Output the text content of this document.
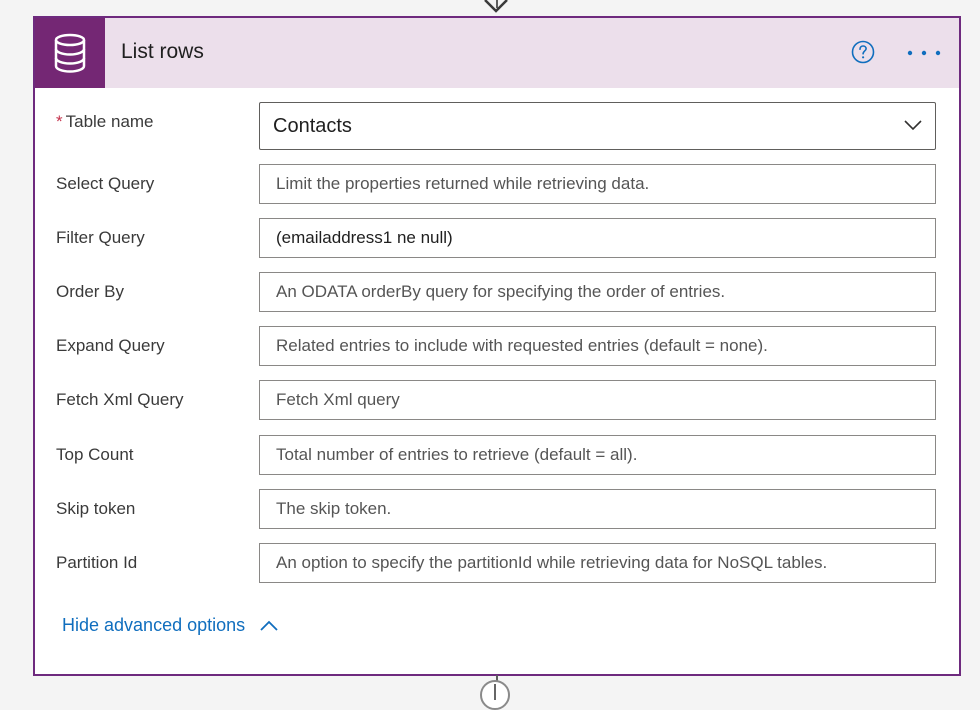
List rows
* Table name	Contacts
Select Query	Limit the properties returned while retrieving data.
Filter Query	(emailaddress1 ne null)
Order By	An ODATA orderBy query for specifying the order of entries.
Expand Query	Related entries to include with requested entries (default = none).
Fetch Xml Query	Fetch Xml query
Top Count	Total number of entries to retrieve (default = all).
Skip token	The skip token.
Partition Id	An option to specify the partitionId while retrieving data for NoSQL tables.
Hide advanced options
